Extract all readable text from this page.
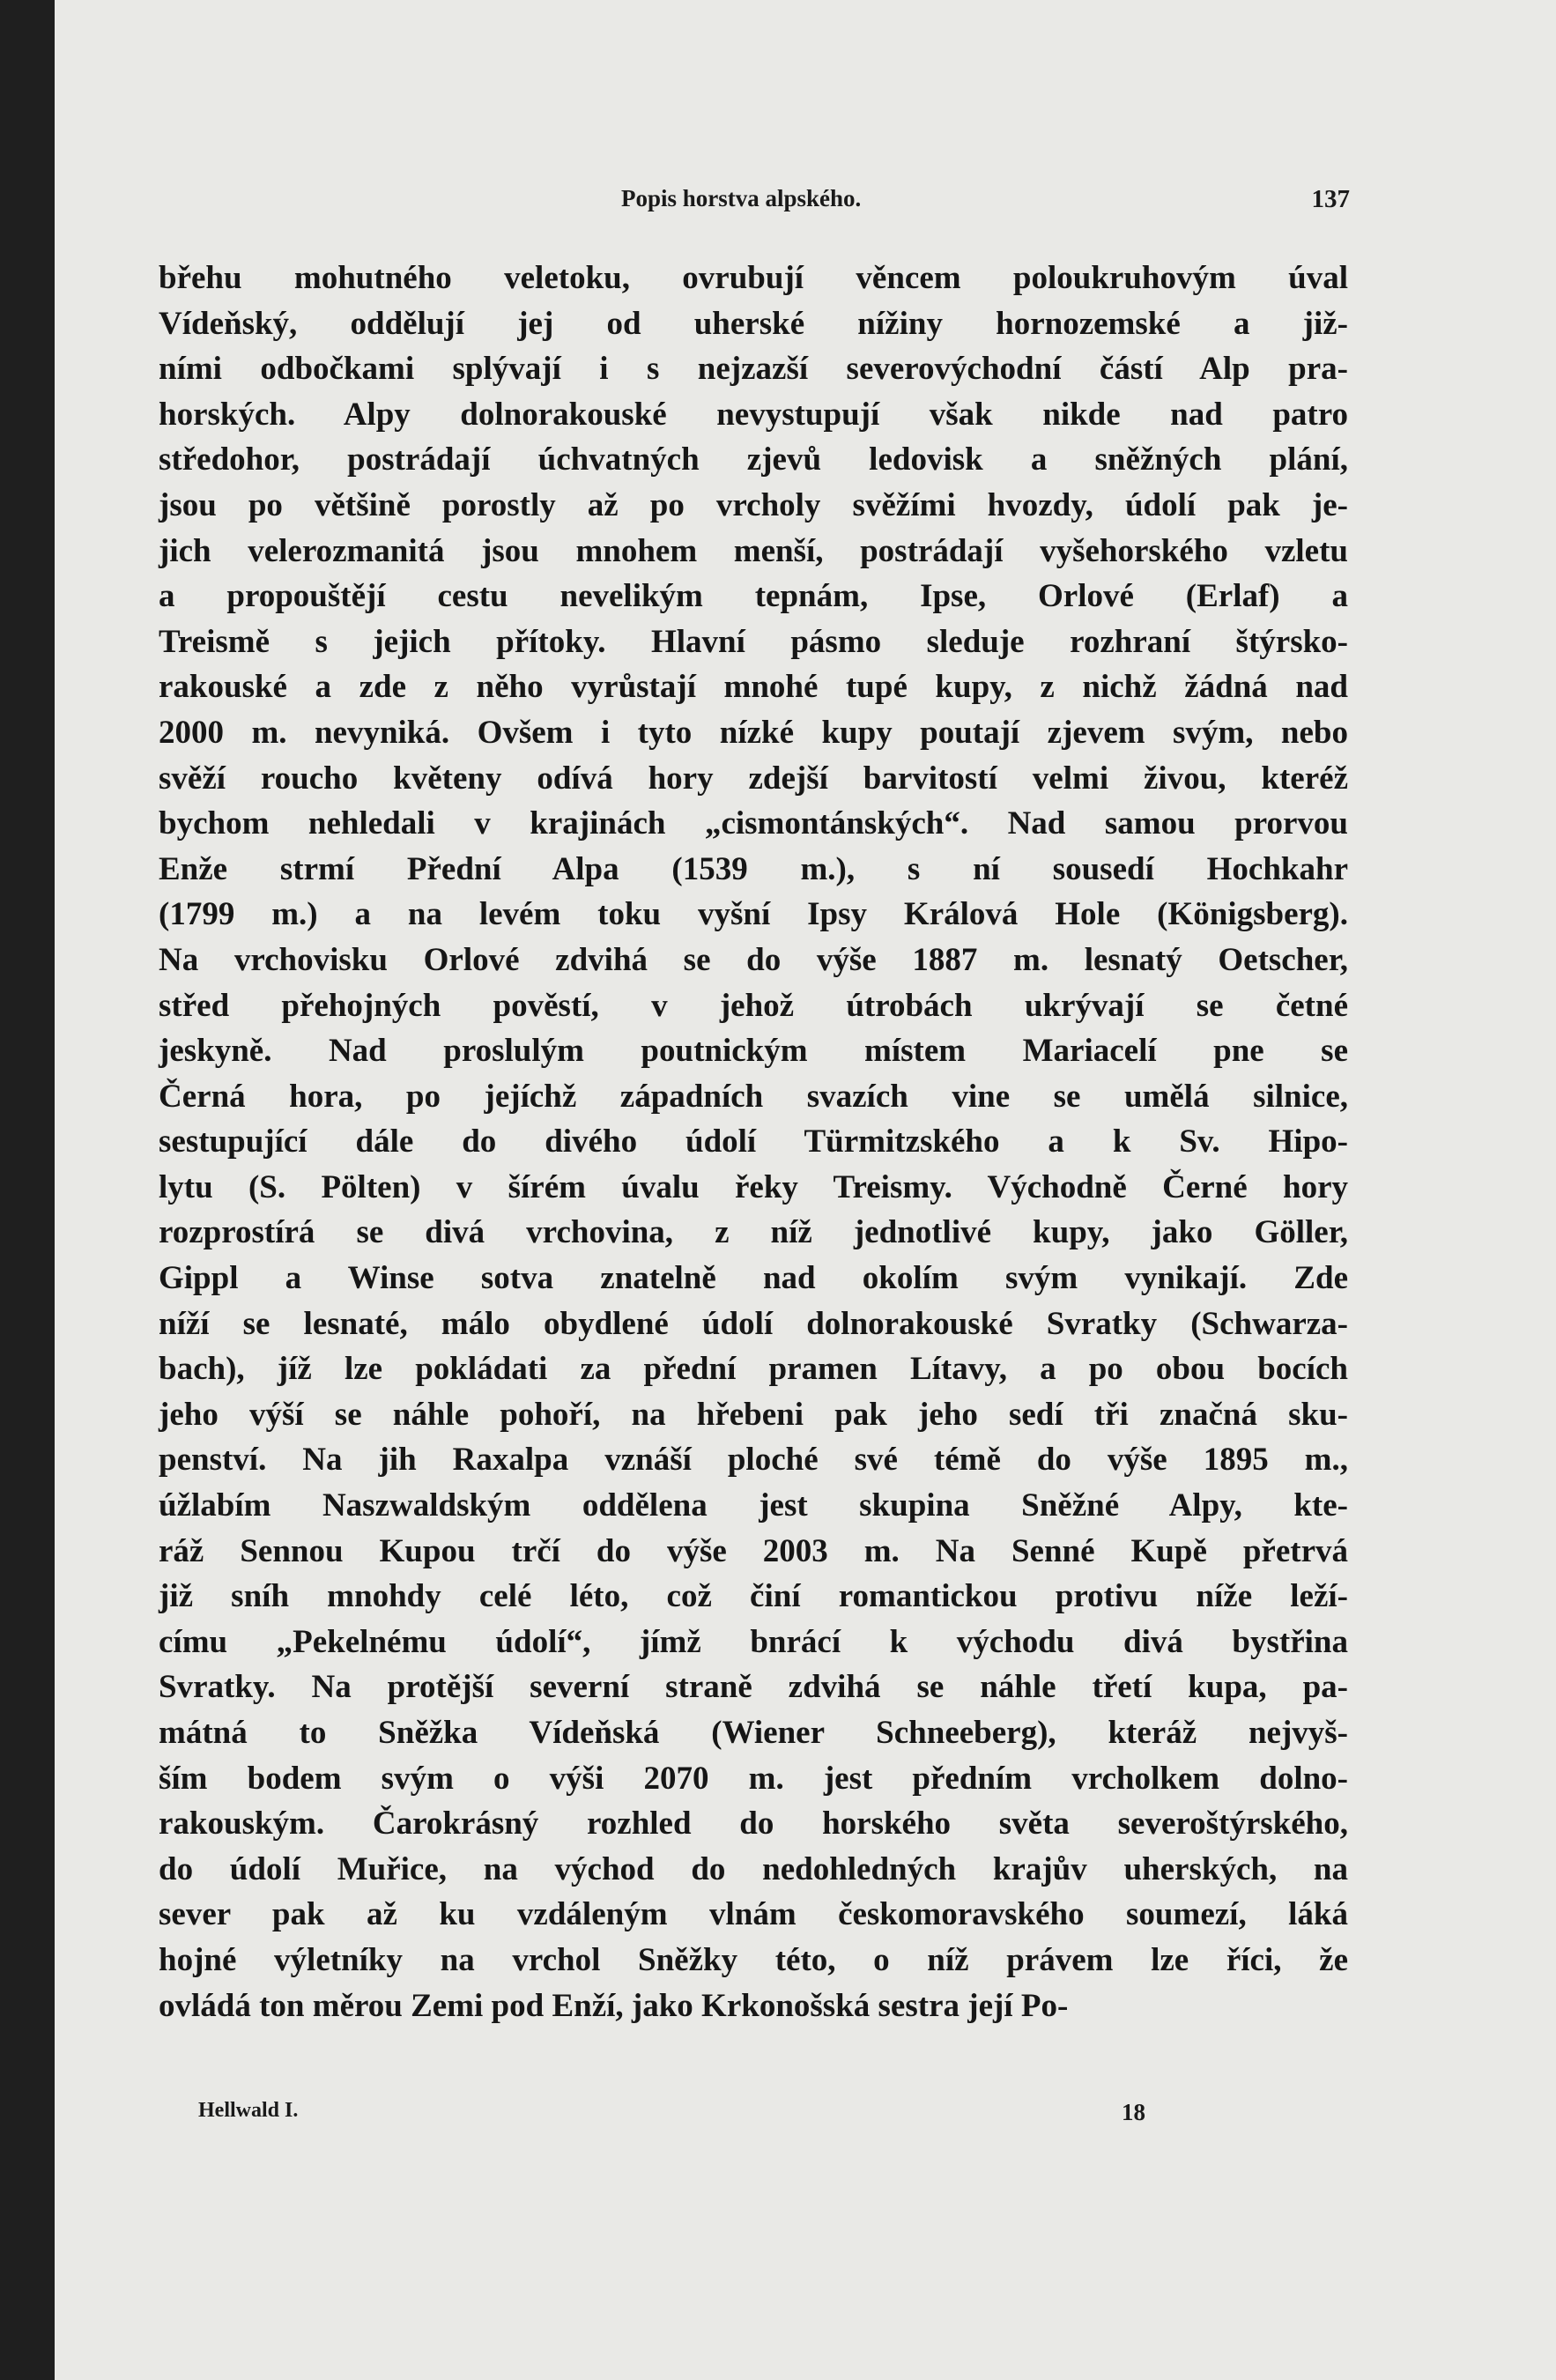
Popis horstva alpského.	137
břehu mohutného veletoku, ovrubují věncem poloukruhovým úval
Vídeňský, oddělují jej od uherské nížiny hornozemské a již-
ními odbočkami splývají i s nejzazší severovýchodní částí Alp pra-
horských. Alpy dolnorakouské nevystupují však nikde nad patro
středohor, postrádají úchvatných zjevů ledovisk a sněžných plání,
jsou po většině porostly až po vrcholy svěžími hvozdy, údolí pak je-
jich velerozmanitá jsou mnohem menší, postrádají vyšehorského vzletu
a propouštějí cestu nevelikým tepnám, Ipse, Orlové (Erlaf) a
Treismě s jejich přítoky. Hlavní pásmo sleduje rozhraní štýrsko-
rakouské a zde z něho vyrůstají mnohé tupé kupy, z nichž žádná nad
2000 m. nevyniká. Ovšem i tyto nízké kupy poutají zjevem svým, nebo
svěží roucho květeny odívá hory zdejší barvitostí velmi živou, kteréž
bychom nehledali v krajinách „cismontánských“. Nad samou prorvou
Enže strmí Přední Alpa (1539 m.), s ní sousedí Hochkahr
(1799 m.) a na levém toku vyšní Ipsy Králová Hole (Königsberg).
Na vrchovisku Orlové zdvihá se do výše 1887 m. lesnatý Oetscher,
střed přehojných pověstí, v jehož útrobách ukrývají se četné
jeskyně. Nad proslulým poutnickým místem Mariacelí pne se
Černá hora, po jejíchž západních svazích vine se umělá silnice,
sestupující dále do divého údolí Türmitzského a k Sv. Hipo-
lytu (S. Pölten) v šírém úvalu řeky Treismy. Východně Černé hory
rozprostírá se divá vrchovina, z níž jednotlivé kupy, jako Göller,
Gippl a Winse sotva znatelně nad okolím svým vynikají. Zde
níží se lesnaté, málo obydlené údolí dolnorakouské Svratky (Schwarza-
bach), jíž lze pokládati za přední pramen Lítavy, a po obou bocích
jeho výší se náhle pohoří, na hřebeni pak jeho sedí tři značná sku-
penství. Na jih Raxalpa vznáší ploché své témě do výše 1895 m.,
úžlabím Naszwaldským oddělena jest skupina Sněžné Alpy, kte-
ráž Sennou Kupou trčí do výše 2003 m. Na Senné Kupě přetrvá
již sníh mnohdy celé léto, což činí romantickou protivu níže leží-
címu „Pekelnému údolí“, jímž bnrácí k východu divá bystřina
Svratky. Na protější severní straně zdvihá se náhle třetí kupa, pa-
mátná to Sněžka Vídeňská (Wiener Schneeberg), kteráž nejvyš-
ším bodem svým o výši 2070 m. jest předním vrcholkem dolno-
rakouským. Čarokrásný rozhled do horského světa severoštýrského,
do údolí Muřice, na východ do nedohledných krajův uherských, na
sever pak až ku vzdáleným vlnám českomoravského soumezí, láká
hojné výletníky na vrchol Sněžky této, o níž právem lze říci, že
ovládá ton měrou Zemi pod Enží, jako Krkonošská sestra její Po-
Hellwald I.	18
